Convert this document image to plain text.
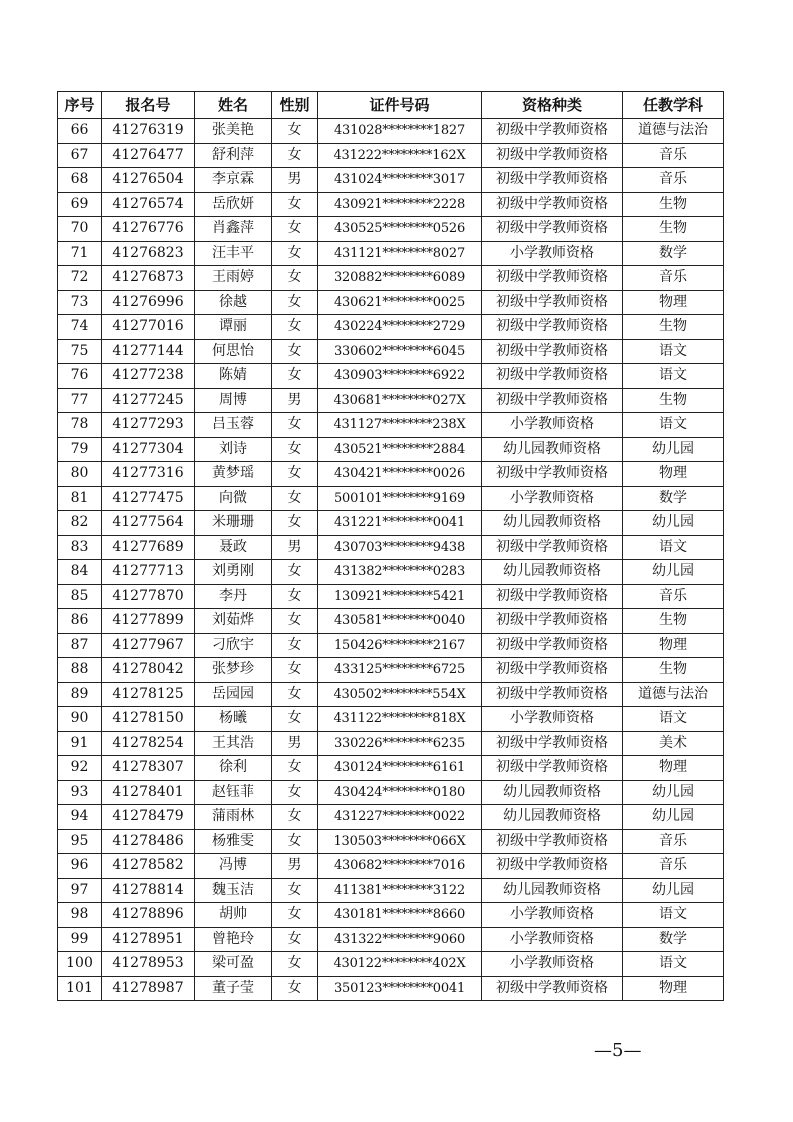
序号	报名号	姓名	性别	证件号码	资格种类	任教学科
66	41276319	张美艳	女	431028********1827	初级中学教师资格	道德与法治
67	41276477	舒利萍	女	431222********162X	初级中学教师资格	音乐
68	41276504	李京霖	男	431024********3017	初级中学教师资格	音乐
69	41276574	岳欣妍	女	430921********2228	初级中学教师资格	生物
70	41276776	肖鑫萍	女	430525********0526	初级中学教师资格	生物
71	41276823	汪丰平	女	431121********8027	小学教师资格	数学
72	41276873	王雨婷	女	320882********6089	初级中学教师资格	音乐
73	41276996	徐越	女	430621********0025	初级中学教师资格	物理
74	41277016	谭丽	女	430224********2729	初级中学教师资格	生物
75	41277144	何思怡	女	330602********6045	初级中学教师资格	语文
76	41277238	陈婧	女	430903********6922	初级中学教师资格	语文
77	41277245	周博	男	430681********027X	初级中学教师资格	生物
78	41277293	吕玉蓉	女	431127********238X	小学教师资格	语文
79	41277304	刘诗	女	430521********2884	幼儿园教师资格	幼儿园
80	41277316	黄梦瑶	女	430421********0026	初级中学教师资格	物理
81	41277475	向微	女	500101********9169	小学教师资格	数学
82	41277564	米珊珊	女	431221********0041	幼儿园教师资格	幼儿园
83	41277689	聂政	男	430703********9438	初级中学教师资格	语文
84	41277713	刘勇刚	女	431382********0283	幼儿园教师资格	幼儿园
85	41277870	李丹	女	130921********5421	初级中学教师资格	音乐
86	41277899	刘茹烨	女	430581********0040	初级中学教师资格	生物
87	41277967	刁欣宇	女	150426********2167	初级中学教师资格	物理
88	41278042	张梦珍	女	433125********6725	初级中学教师资格	生物
89	41278125	岳园园	女	430502********554X	初级中学教师资格	道德与法治
90	41278150	杨曦	女	431122********818X	小学教师资格	语文
91	41278254	王其浩	男	330226********6235	初级中学教师资格	美术
92	41278307	徐利	女	430124********6161	初级中学教师资格	物理
93	41278401	赵钰菲	女	430424********0180	幼儿园教师资格	幼儿园
94	41278479	蒲雨林	女	431227********0022	幼儿园教师资格	幼儿园
95	41278486	杨雅雯	女	130503********066X	初级中学教师资格	音乐
96	41278582	冯博	男	430682********7016	初级中学教师资格	音乐
97	41278814	魏玉洁	女	411381********3122	幼儿园教师资格	幼儿园
98	41278896	胡帅	女	430181********8660	小学教师资格	语文
99	41278951	曾艳玲	女	431322********9060	小学教师资格	数学
100	41278953	梁可盈	女	430122********402X	小学教师资格	语文
101	41278987	董子莹	女	350123********0041	初级中学教师资格	物理
—5—
